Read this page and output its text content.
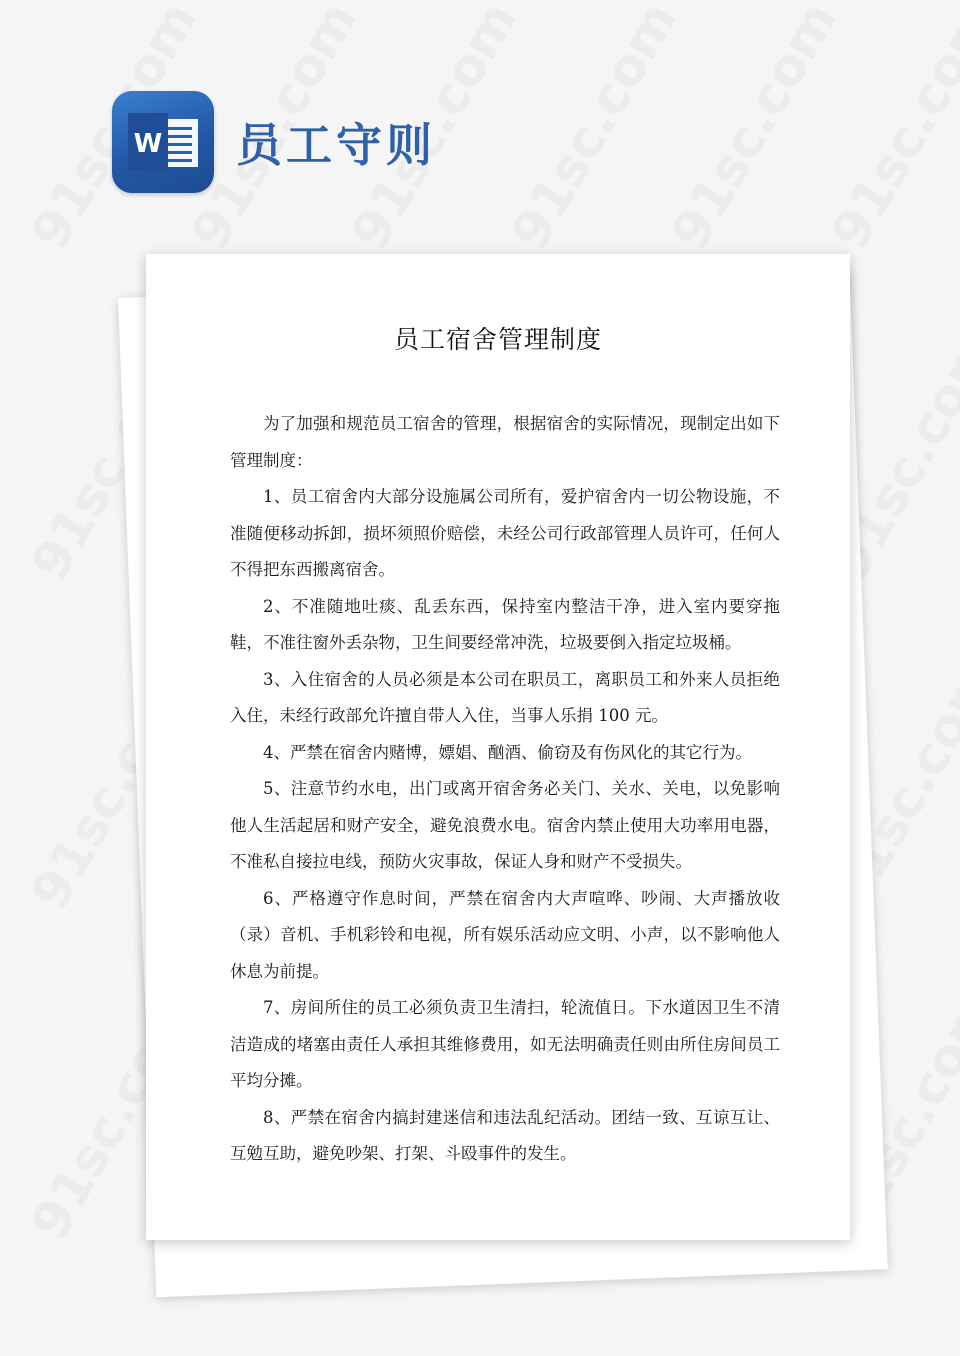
W 员工守则
员工宿舍管理制度

为了加强和规范员工宿舍的管理，根据宿舍的实际情况，现制定出如下管理制度：

1、员工宿舍内大部分设施属公司所有，爱护宿舍内一切公物设施，不准随便移动拆卸，损坏须照价赔偿，未经公司行政部管理人员许可，任何人不得把东西搬离宿舍。

2、不准随地吐痰、乱丢东西，保持室内整洁干净，进入室内要穿拖鞋，不准往窗外丢杂物，卫生间要经常冲洗，垃圾要倒入指定垃圾桶。

3、入住宿舍的人员必须是本公司在职员工，离职员工和外来人员拒绝入住，未经行政部允许擅自带人入住，当事人乐捐 100 元。

4、严禁在宿舍内赌博，嫖娼、酗酒、偷窃及有伤风化的其它行为。

5、注意节约水电，出门或离开宿舍务必关门、关水、关电，以免影响他人生活起居和财产安全，避免浪费水电。宿舍内禁止使用大功率用电器，不准私自接拉电线，预防火灾事故，保证人身和财产不受损失。

6、严格遵守作息时间，严禁在宿舍内大声喧哗、吵闹、大声播放收（录）音机、手机彩铃和电视，所有娱乐活动应文明、小声，以不影响他人休息为前提。

7、房间所住的员工必须负责卫生清扫，轮流值日。下水道因卫生不清洁造成的堵塞由责任人承担其维修费用，如无法明确责任则由所住房间员工平均分摊。

8、严禁在宿舍内搞封建迷信和违法乱纪活动。团结一致、互谅互让、互勉互助，避免吵架、打架、斗殴事件的发生。
